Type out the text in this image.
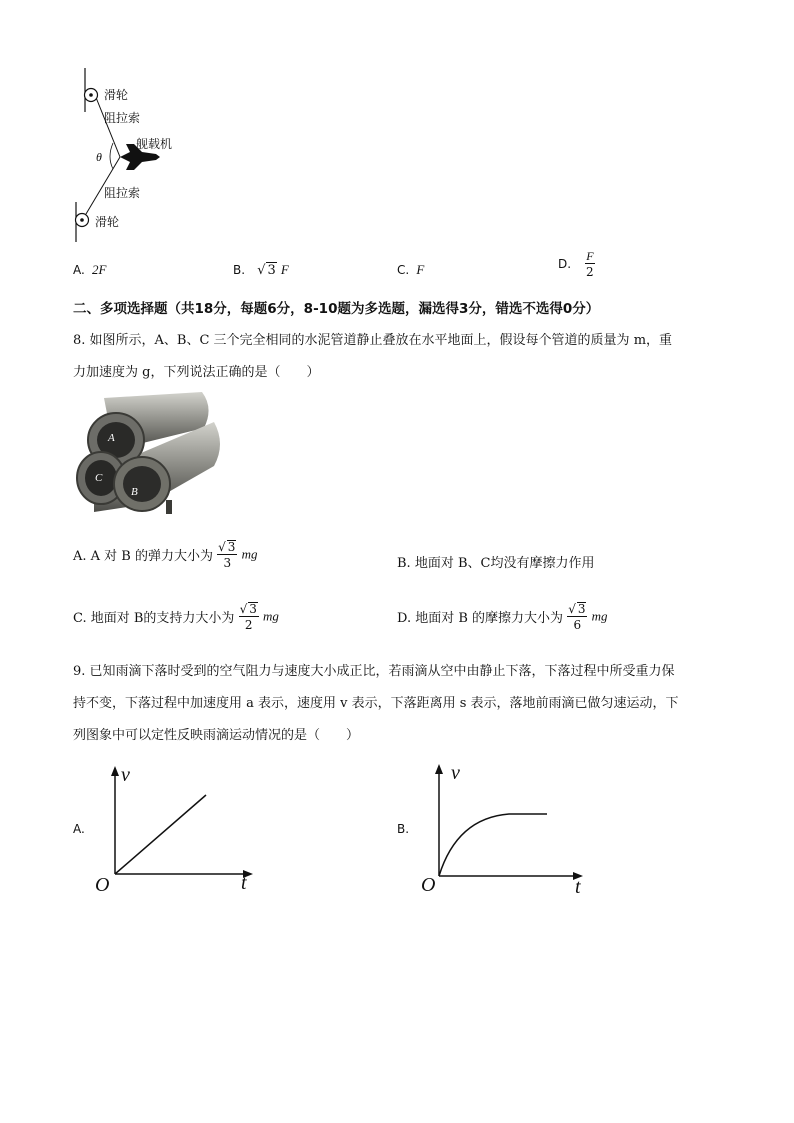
滑轮
阻拉索
舰载机
θ
阻拉索
滑轮
A. 2F	B. √ 3 F	C. F	D. $\frac{F}{2}$
二、多项选择题（共18分，每题6分，8-10题为多选题，漏选得3分，错选不选得0分）
8. 如图所示，A、B、C 三个完全相同的水泥管道静止叠放在水平地面上，假设每个管道的质量为 m，重
力加速度为 g，下列说法正确的是（　　）
A
C
B
A. A 对 B 的弹力大小为 $\frac{√ 3}{3}$ mg
B. 地面对 B、C均没有摩擦力作用
C. 地面对 B的支持力大小为 $\frac{√ 3}{2}$ mg	D. 地面对 B 的摩擦力大小为 $\frac{√ 3}{6}$ mg
9. 已知雨滴下落时受到的空气阻力与速度大小成正比，若雨滴从空中由静止下落，下落过程中所受重力保
持不变，下落过程中加速度用 a 表示，速度用 v 表示，下落距离用 s 表示，落地前雨滴已做匀速运动，下
列图象中可以定性反映雨滴运动情况的是（　　）
A.
v
t
O
B.
v
t
O
